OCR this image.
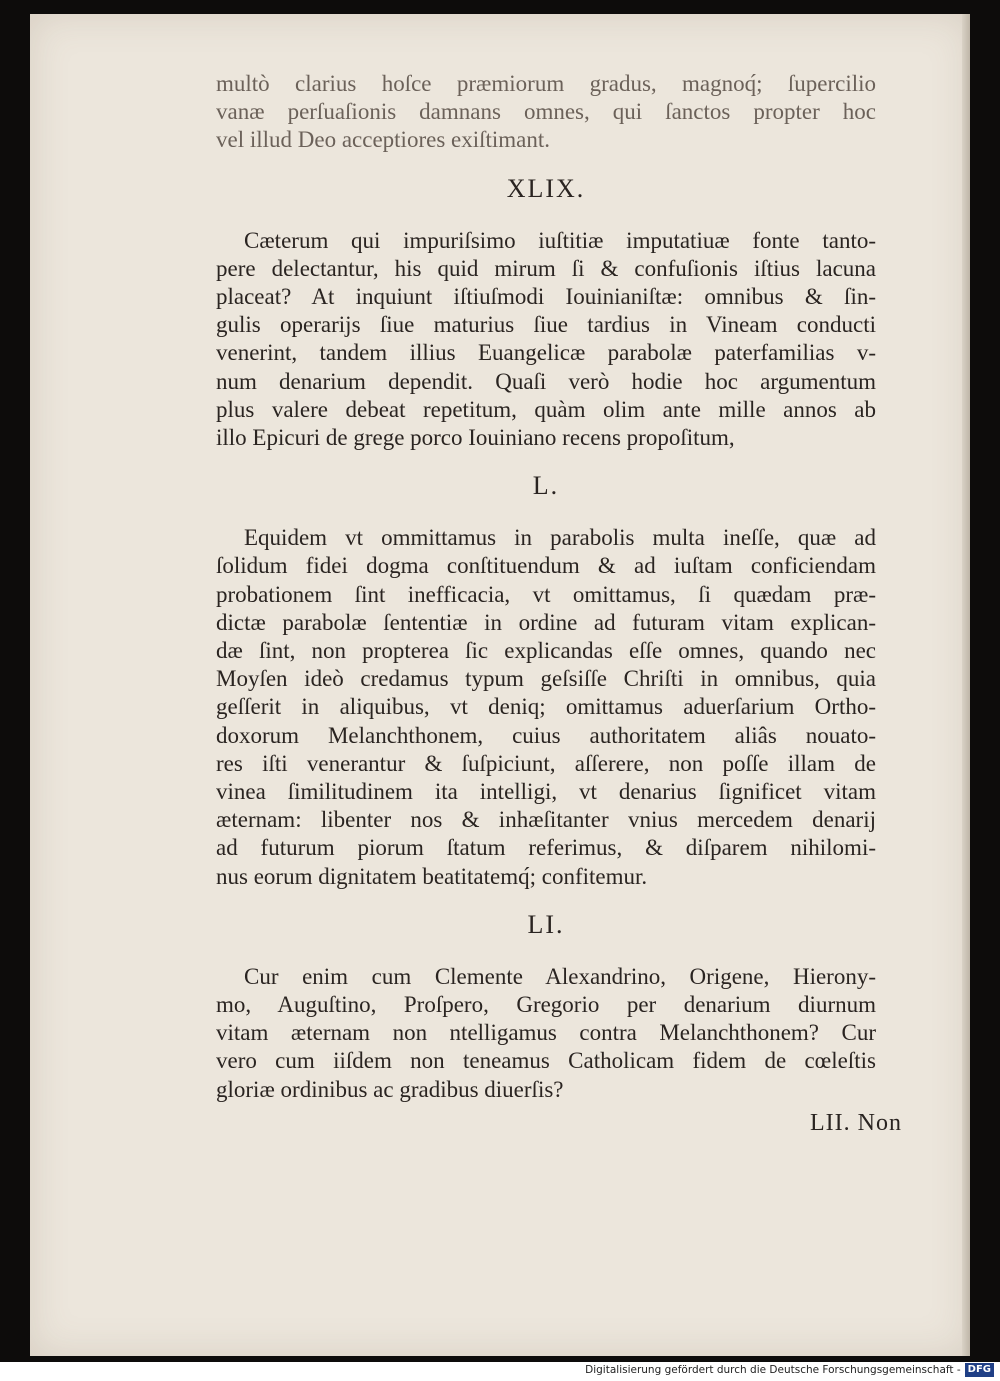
multò clarius hoſce præmiorum gradus, magnoq́; ſupercilio
vanæ perſuaſionis damnans omnes, qui ſanctos propter hoc
vel illud Deo acceptiores exiſtimant.
XLIX.
Cæterum qui impuriſsimo iuſtitiæ imputatiuæ fonte tanto-
pere delectantur, his quid mirum ſi & confuſionis iſtius lacuna
placeat? At inquiunt iſtiuſmodi Iouinianiſtæ: omnibus & ſin-
gulis operarijs ſiue maturius ſiue tardius in Vineam conducti
venerint, tandem illius Euangelicæ parabolæ paterfamilias v-
num denarium dependit. Quaſi verò hodie hoc argumentum
plus valere debeat repetitum, quàm olim ante mille annos ab
illo Epicuri de grege porco Iouiniano recens propoſitum,
L.
Equidem vt ommittamus in parabolis multa ineſſe, quæ ad
ſolidum fidei dogma conſtituendum & ad iuſtam conficiendam
probationem ſint inefficacia, vt omittamus, ſi quædam præ-
dictæ parabolæ ſententiæ in ordine ad futuram vitam explican-
dæ ſint, non propterea ſic explicandas eſſe omnes, quando nec
Moyſen ideò credamus typum geſsiſſe Chriſti in omnibus, quia
geſſerit in aliquibus, vt deniq; omittamus aduerſarium Ortho-
doxorum Melanchthonem, cuius authoritatem aliâs nouato-
res iſti venerantur & ſuſpiciunt, aſſerere, non poſſe illam de
vinea ſimilitudinem ita intelligi, vt denarius ſignificet vitam
æternam: libenter nos & inhæſitanter vnius mercedem denarij
ad futurum piorum ſtatum referimus, & diſparem nihilomi-
nus eorum dignitatem beatitatemq́; confitemur.
LI.
Cur enim cum Clemente Alexandrino, Origene, Hierony-
mo, Auguſtino, Proſpero, Gregorio per denarium diurnum
vitam æternam non ntelligamus contra Melanchthonem? Cur
vero cum iiſdem non teneamus Catholicam fidem de cœleſtis
gloriæ ordinibus ac gradibus diuerſis?
LII. Non
Digitalisierung gefördert durch die Deutsche Forschungsgemeinschaft - DFG
